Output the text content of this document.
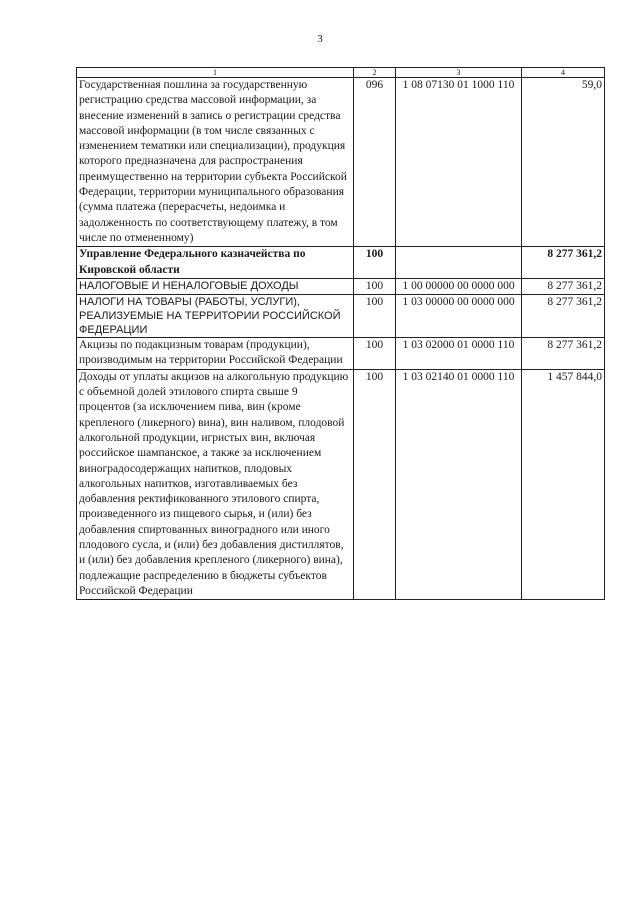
3
1	2	3	4
Государственная пошлина за государственную регистрацию средства массовой информации, за внесение изменений в запись о регистрации средства массовой информации (в том числе связанных с изменением тематики или специализации), продукция которого предназначена для распространения преимущественно на территории субъекта Российской Федерации, территории муниципального образования (сумма платежа (перерасчеты, недоимка и задолженность по соответствующему платежу, в том числе по отмененному)	096	1 08 07130 01 1000 110	59,0
Управление Федерального казначейства по Кировской области	100		8 277 361,2
НАЛОГОВЫЕ И НЕНАЛОГОВЫЕ ДОХОДЫ	100	1 00 00000 00 0000 000	8 277 361,2
НАЛОГИ НА ТОВАРЫ (РАБОТЫ, УСЛУГИ), РЕАЛИЗУЕМЫЕ НА ТЕРРИТОРИИ РОССИЙСКОЙ ФЕДЕРАЦИИ	100	1 03 00000 00 0000 000	8 277 361,2
Акцизы по подакцизным товарам (продукции), производимым на территории Российской Федерации	100	1 03 02000 01 0000 110	8 277 361,2
Доходы от уплаты акцизов на алкогольную продукцию с объемной долей этилового спирта свыше 9 процентов (за исключением пива, вин (кроме крепленого (ликерного) вина), вин наливом, плодовой алкогольной продукции, игристых вин, включая российское шампанское, а также за исключением виноградосодержащих напитков, плодовых алкогольных напитков, изготавливаемых без добавления ректификованного этилового спирта, произведенного из пищевого сырья, и (или) без добавления спиртованных виноградного или иного плодового сусла, и (или) без добавления дистиллятов, и (или) без добавления крепленого (ликерного) вина), подлежащие распределению в бюджеты субъектов Российской Федерации	100	1 03 02140 01 0000 110	1 457 844,0
